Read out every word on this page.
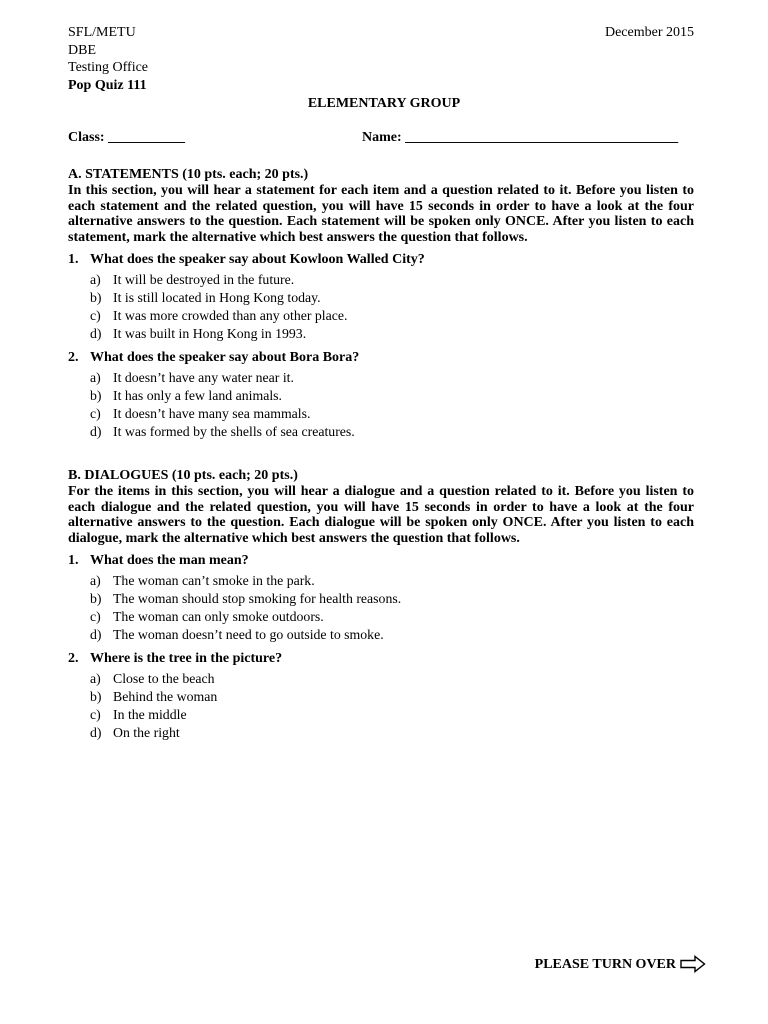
SFL/METU
DBE
Testing Office
Pop Quiz 111
December 2015
ELEMENTARY GROUP
Class: ___________	Name: _______________________________________
A. STATEMENTS (10 pts. each; 20 pts.)

In this section, you will hear a statement for each item and a question related to it. Before you listen to each statement and the related question, you will have 15 seconds in order to have a look at the four alternative answers to the question. Each statement will be spoken only ONCE. After you listen to each statement, mark the alternative which best answers the question that follows.

1. What does the speaker say about Kowloon Walled City?
a) It will be destroyed in the future.
b) It is still located in Hong Kong today.
c) It was more crowded than any other place.
d) It was built in Hong Kong in 1993.
2. What does the speaker say about Bora Bora?
a) It doesn’t have any water near it.
b) It has only a few land animals.
c) It doesn’t have many sea mammals.
d) It was formed by the shells of sea creatures.
B. DIALOGUES (10 pts. each; 20 pts.)

For the items in this section, you will hear a dialogue and a question related to it. Before you listen to each dialogue and the related question, you will have 15 seconds in order to have a look at the four alternative answers to the question. Each dialogue will be spoken only ONCE. After you listen to each dialogue, mark the alternative which best answers the question that follows.

1. What does the man mean?
a) The woman can’t smoke in the park.
b) The woman should stop smoking for health reasons.
c) The woman can only smoke outdoors.
d) The woman doesn’t need to go outside to smoke.
2. Where is the tree in the picture?
a) Close to the beach
b) Behind the woman
c) In the middle
d) On the right
PLEASE TURN OVER
